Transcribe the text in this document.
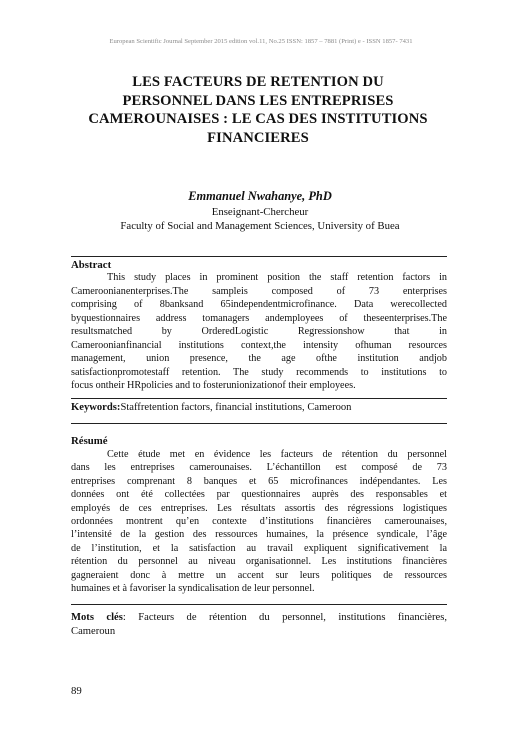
European Scientific Journal September 2015 edition vol.11, No.25 ISSN: 1857 – 7881 (Print) e - ISSN 1857- 7431
LES FACTEURS DE RETENTION DU
PERSONNEL DANS LES ENTREPRISES
CAMEROUNAISES : LE CAS DES INSTITUTIONS
FINANCIERES
Emmanuel Nwahanye, PhD
Enseignant-Chercheur
Faculty of Social and Management Sciences, University of Buea
Abstract
This study places in prominent position the staff retention factors in
Cameroonianenterprises.The sampleis composed of 73 enterprises
comprising of 8banksand 65independentmicrofinance. Data werecollected
byquestionnaires address tomanagers andemployees of theseenterprises.The
resultsmatched by OrderedLogistic Regressionshow that in
Cameroonianfinancial institutions context,the intensity ofhuman resources
management, union presence, the age ofthe institution andjob
satisfactionpromotestaff retention. The study recommends to institutions to
focus ontheir HRpolicies and to fosterunionizationof their employees.
Keywords:Staffretention factors, financial institutions, Cameroon
Résumé
Cette étude met en évidence les facteurs de rétention du personnel
dans les entreprises camerounaises. L’échantillon est composé de 73
entreprises comprenant 8 banques et 65 microfinances indépendantes. Les
données ont été collectées par questionnaires auprès des responsables et
employés de ces entreprises. Les résultats assortis des régressions logistiques
ordonnées montrent qu’en contexte d’institutions financières camerounaises,
l’intensité de la gestion des ressources humaines, la présence syndicale, l’âge
de l’institution, et la satisfaction au travail expliquent significativement la
rétention du personnel au niveau organisationnel. Les institutions financières
gagneraient donc à mettre un accent sur leurs politiques de ressources
humaines et à favoriser la syndicalisation de leur personnel.
Mots clés: Facteurs de rétention du personnel, institutions financières,
Cameroun
89
